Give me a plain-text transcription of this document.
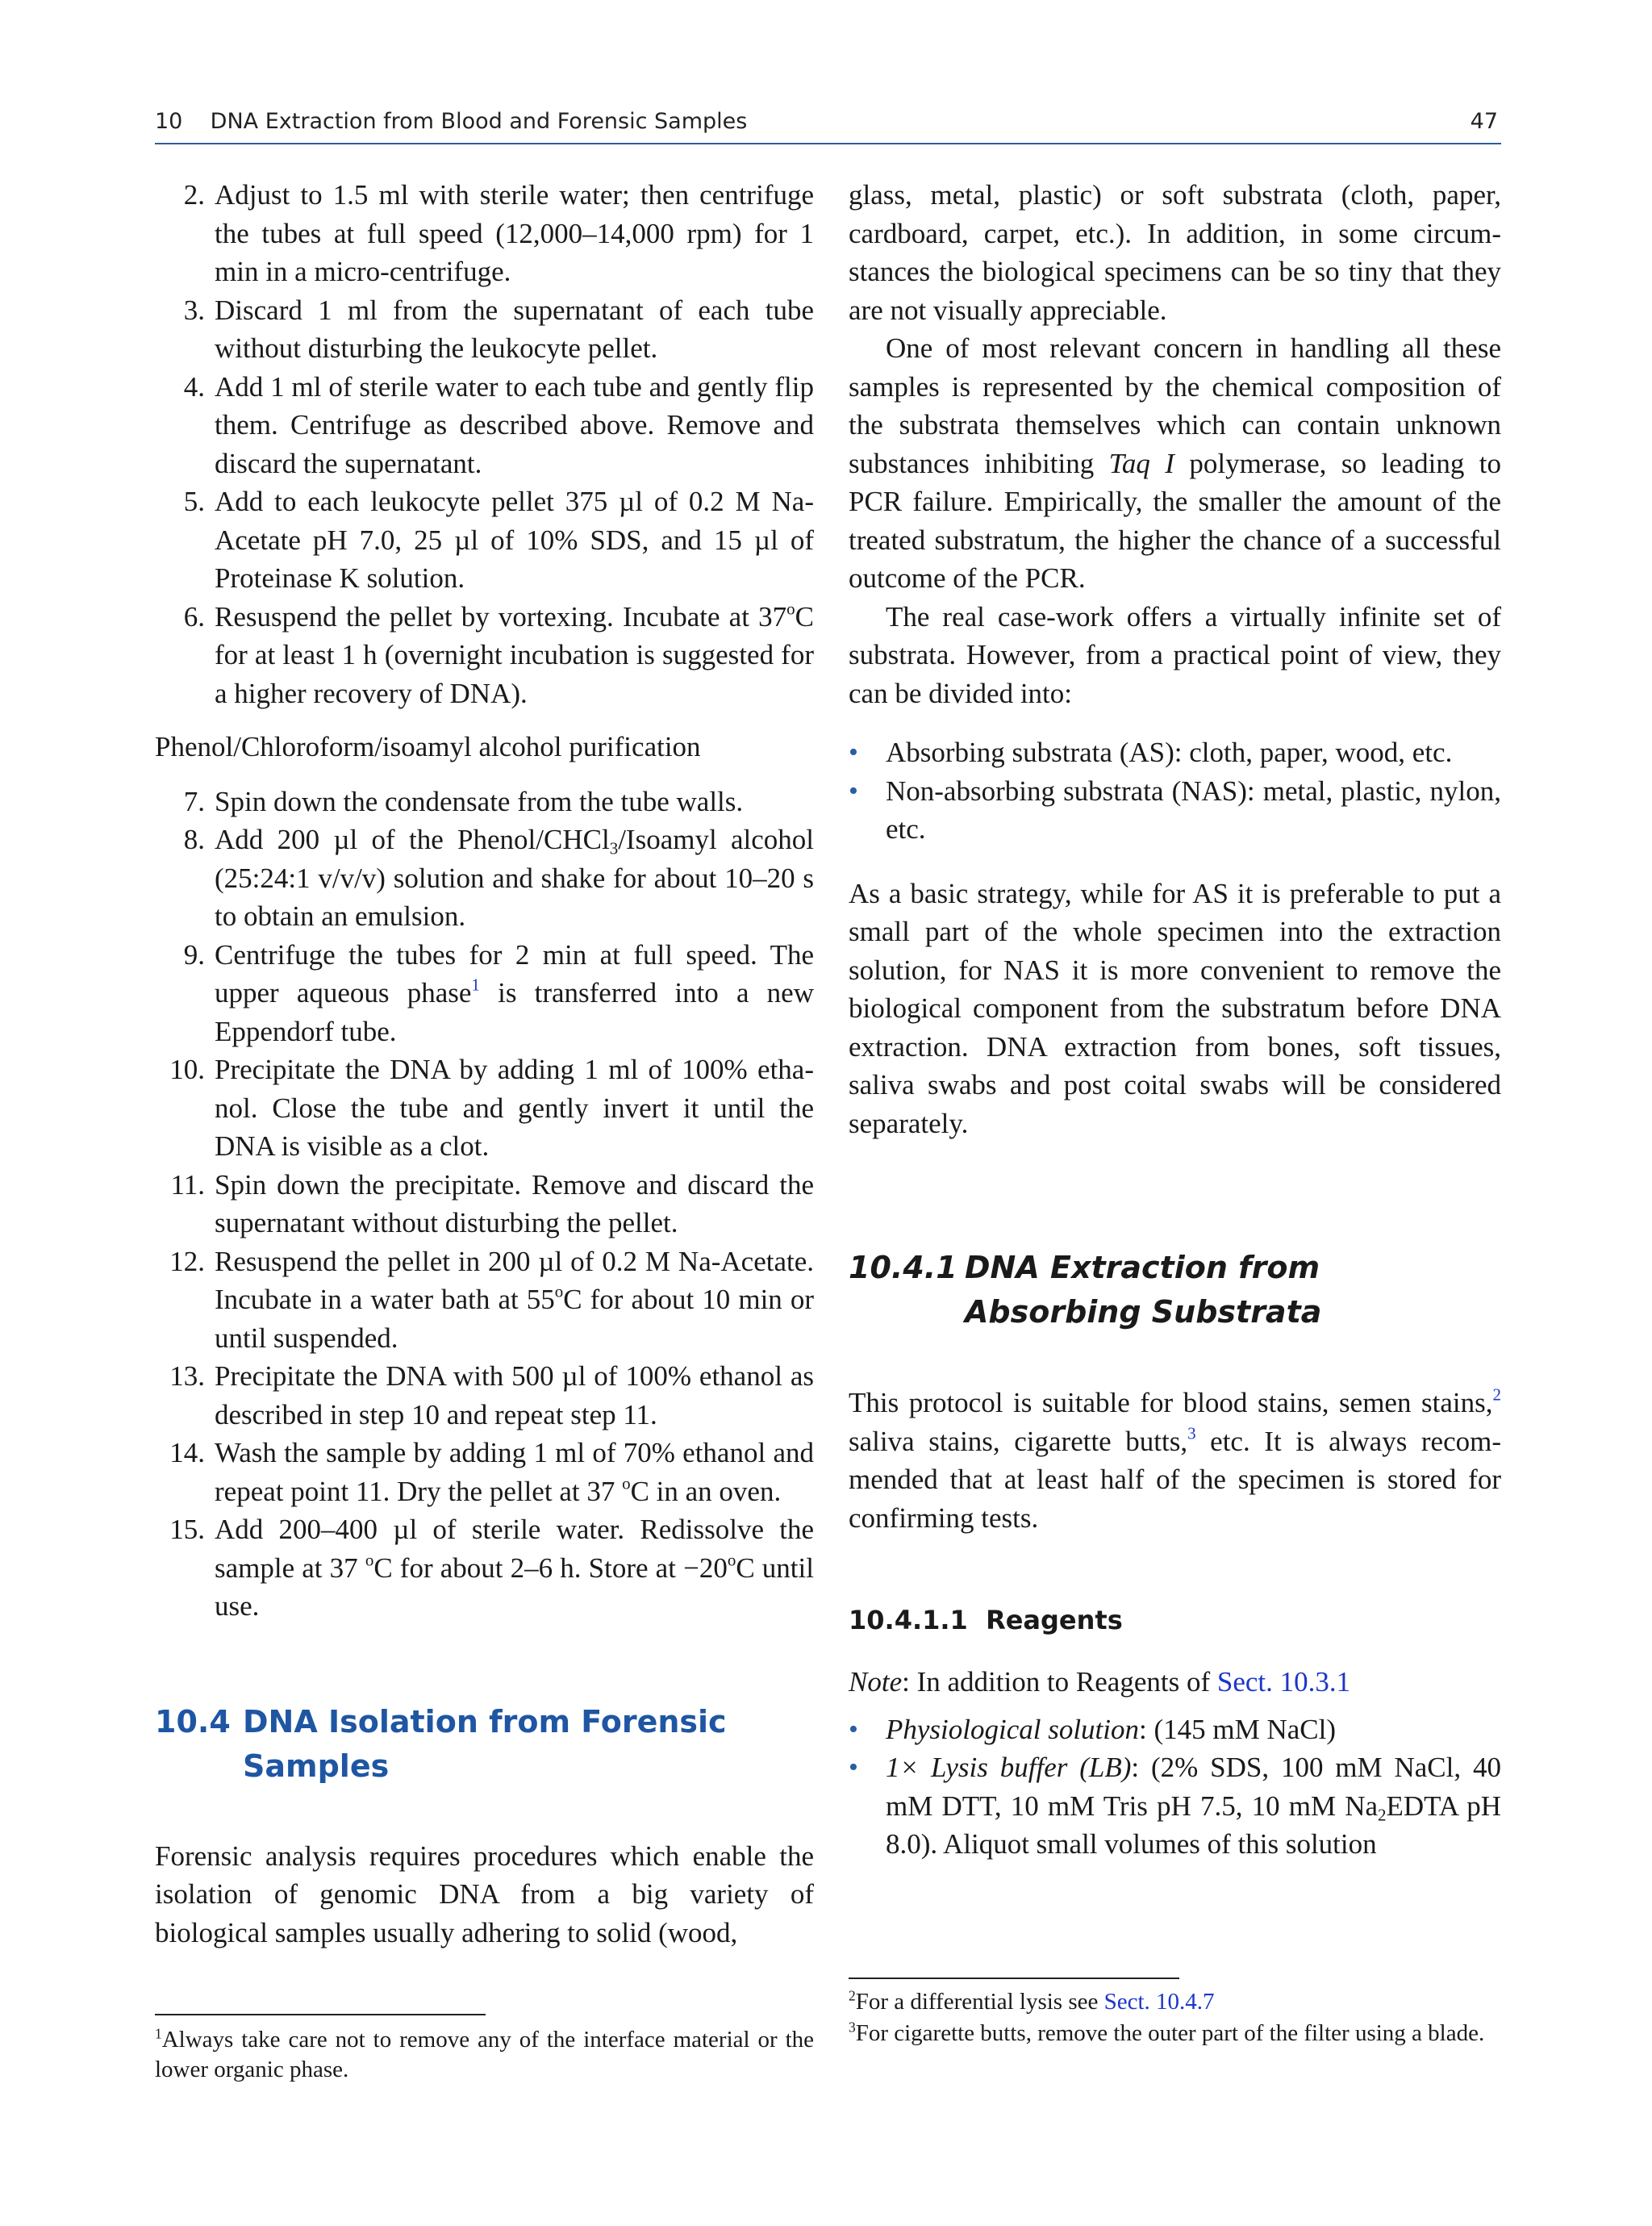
10    DNA Extraction from Blood and Forensic Samples	47
2. Adjust to 1.5 ml with sterile water; then centrifuge the tubes at full speed (12,000–14,000 rpm) for 1 min in a micro-centrifuge.
3. Discard 1 ml from the supernatant of each tube without disturbing the leukocyte pellet.
4. Add 1 ml of sterile water to each tube and gently flip them. Centrifuge as described above. Remove and discard the supernatant.
5. Add to each leukocyte pellet 375 µl of 0.2 M Na-Acetate pH 7.0, 25 µl of 10% SDS, and 15 µl of Proteinase K solution.
6. Resuspend the pellet by vortexing. Incubate at 37$^o$C for at least 1 h (overnight incubation is suggested for a higher recovery of DNA).
Phenol/Chloroform/isoamyl alcohol purification
7. Spin down the condensate from the tube walls.
8. Add 200 µl of the Phenol/CHCl$_3$/Isoamyl alcohol (25:24:1 v/v/v) solution and shake for about 10–20 s to obtain an emulsion.
9. Centrifuge the tubes for 2 min at full speed. The upper aqueous phase$^1$ is transferred into a new Eppendorf tube.
10. Precipitate the DNA by adding 1 ml of 100% ethanol. Close the tube and gently invert it until the DNA is visible as a clot.
11. Spin down the precipitate. Remove and discard the supernatant without disturbing the pellet.
12. Resuspend the pellet in 200 µl of 0.2 M Na-Acetate. Incubate in a water bath at 55$^o$C for about 10 min or until suspended.
13. Precipitate the DNA with 500 µl of 100% ethanol as described in step 10 and repeat step 11.
14. Wash the sample by adding 1 ml of 70% ethanol and repeat point 11. Dry the pellet at 37 $^o$C in an oven.
15. Add 200–400 µl of sterile water. Redissolve the sample at 37 $^o$C for about 2–6 h. Store at $-20^oC$ until use.
10.4 DNA Isolation from Forensic Samples

Forensic analysis requires procedures which enable the isolation of genomic DNA from a big variety of biological samples usually adhering to solid (wood,

$^1$Always take care not to remove any of the interface material or the lower organic phase.

glass, metal, plastic) or soft substrata (cloth, paper, cardboard, carpet, etc.). In addition, in some circumstances the biological specimens can be so tiny that they are not visually appreciable.

One of most relevant concern in handling all these samples is represented by the chemical composition of the substrata themselves which can contain unknown substances inhibiting Taq I polymerase, so leading to PCR failure. Empirically, the smaller the amount of the treated substratum, the higher the chance of a successful outcome of the PCR.

The real case-work offers a virtually infinite set of substrata. However, from a practical point of view, they can be divided into:

• Absorbing substrata (AS): cloth, paper, wood, etc.
• Non-absorbing substrata (NAS): metal, plastic, nylon, etc.

As a basic strategy, while for AS it is preferable to put a small part of the whole specimen into the extraction solution, for NAS it is more convenient to remove the biological component from the substratum before DNA extraction. DNA extraction from bones, soft tissues, saliva swabs and post coital swabs will be considered separately.

10.4.1 DNA Extraction from Absorbing Substrata

This protocol is suitable for blood stains, semen stains,$^2$ saliva stains, cigarette butts,$^3$ etc. It is always recommended that at least half of the specimen is stored for confirming tests.

10.4.1.1  Reagents

Note: In addition to Reagents of Sect. 10.3.1

• Physiological solution: (145 mM NaCl)
• 1× Lysis buffer (LB): (2% SDS, 100 mM NaCl, 40 mM DTT, 10 mM Tris pH 7.5, 10 mM $Na_2EDTA$ pH 8.0). Aliquot small volumes of this solution
$^2$For a differential lysis see Sect. 10.4.7
$^3$For cigarette butts, remove the outer part of the filter using a blade.
